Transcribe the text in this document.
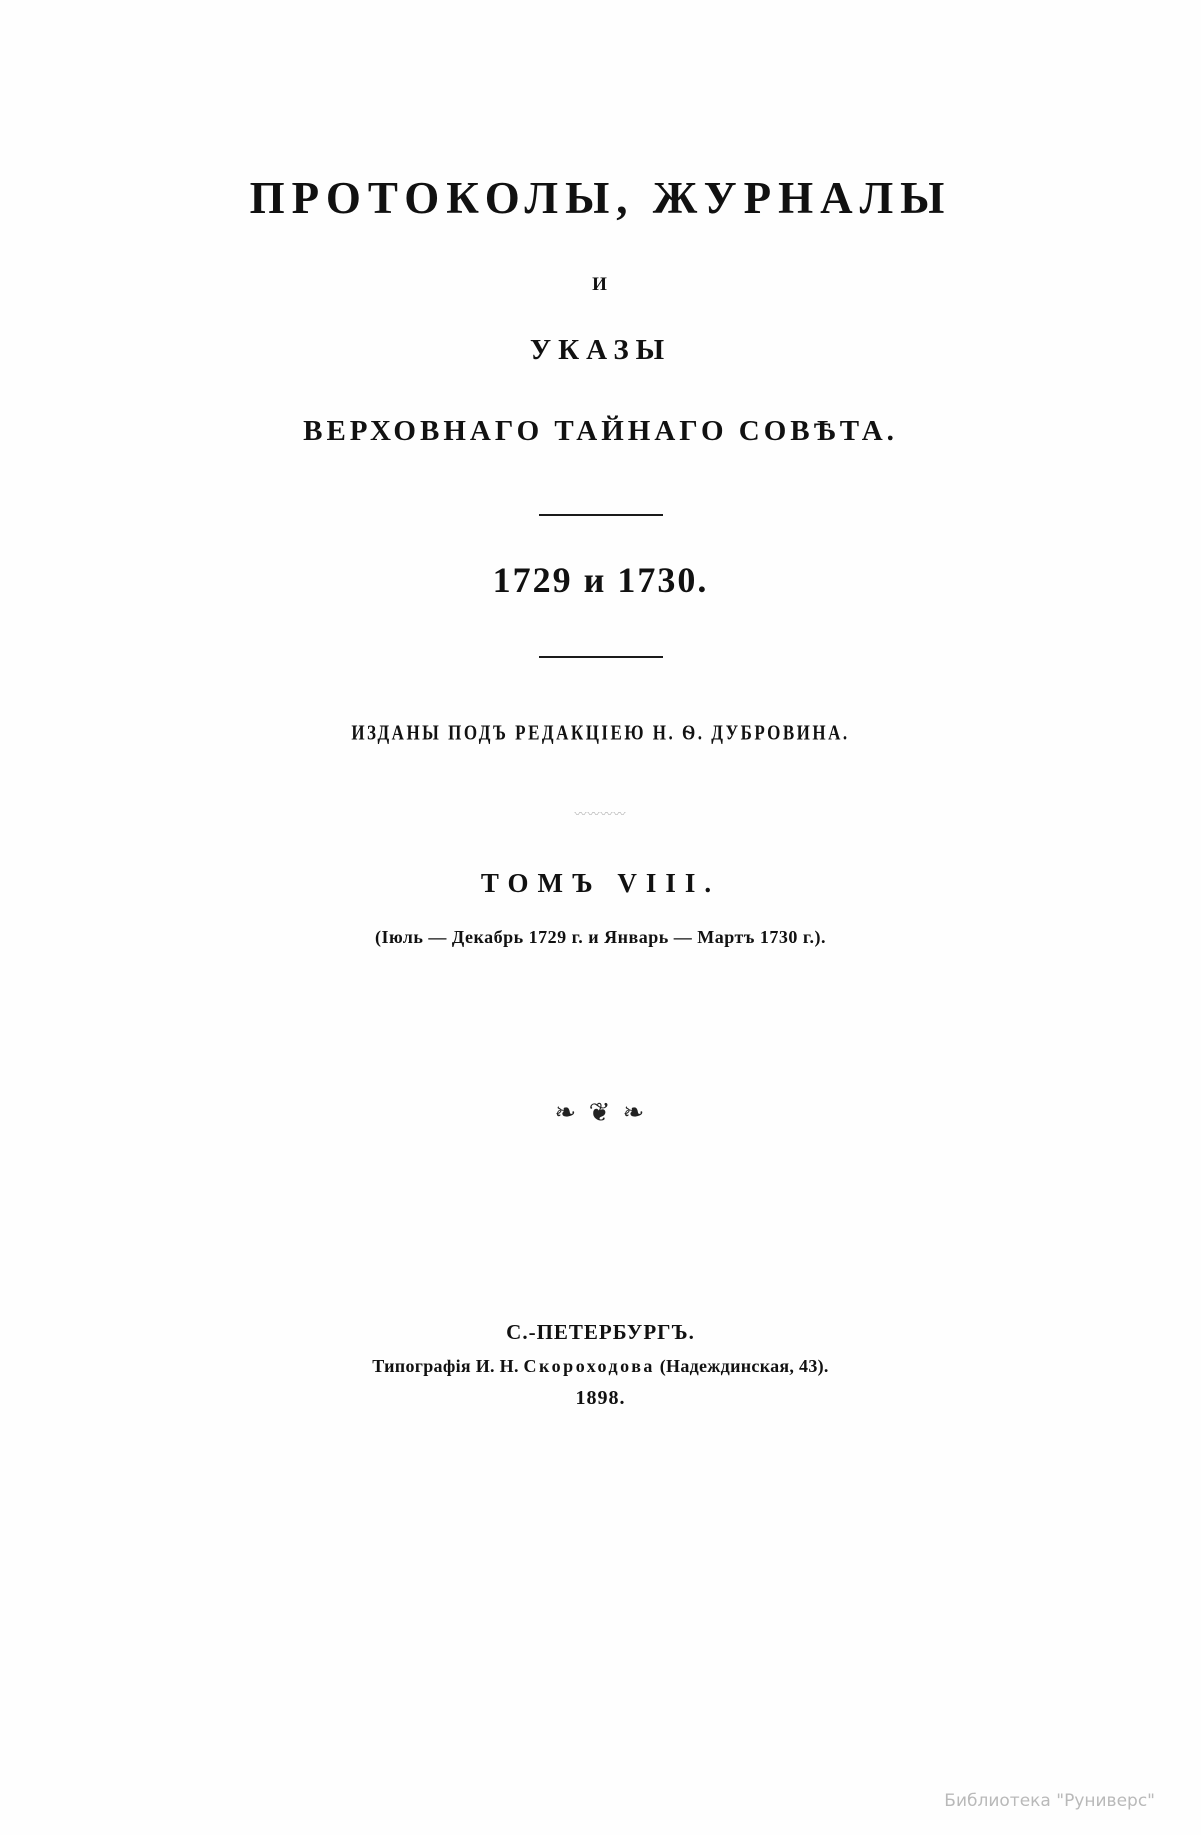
ПРОТОКОЛЫ, ЖУРНАЛЫ
И
УКАЗЫ
ВЕРХОВНАГО ТАЙНАГО СОВѢТА.
1729 и 1730.
ИЗДАНЫ ПОДЪ РЕДАКЦІЕЮ Н. Ѳ. ДУБРОВИНА.
〰〰〰〰
ТОМЪ VIII.
(Іюль — Декабрь 1729 г. и Январь — Мартъ 1730 г.).
❧ ❦ ❧
С.-ПЕТЕРБУРГЪ.
Типографія И. Н. Скороходова (Надеждинская, 43).
1898.
Библиотека "Руниверс"
